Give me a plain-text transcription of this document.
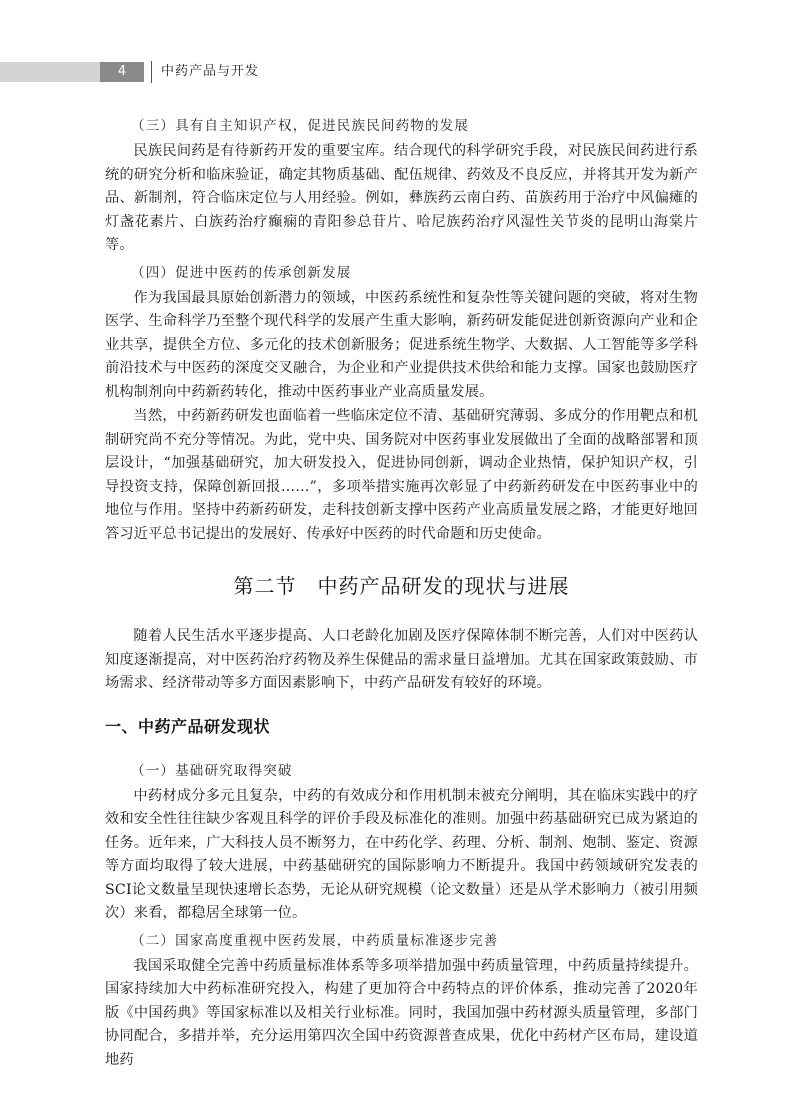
4	中药产品与开发
（三）具有自主知识产权，促进民族民间药物的发展

民族民间药是有待新药开发的重要宝库。结合现代的科学研究手段，对民族民间药进行系统的研究分析和临床验证，确定其物质基础、配伍规律、药效及不良反应，并将其开发为新产品、新制剂，符合临床定位与人用经验。例如，彝族药云南白药、苗族药用于治疗中风偏瘫的灯盏花素片、白族药治疗癫痫的青阳参总苷片、哈尼族药治疗风湿性关节炎的昆明山海棠片等。

（四）促进中医药的传承创新发展

作为我国最具原始创新潜力的领域，中医药系统性和复杂性等关键问题的突破，将对生物医学、生命科学乃至整个现代科学的发展产生重大影响，新药研发能促进创新资源向产业和企业共享，提供全方位、多元化的技术创新服务；促进系统生物学、大数据、人工智能等多学科前沿技术与中医药的深度交叉融合，为企业和产业提供技术供给和能力支撑。国家也鼓励医疗机构制剂向中药新药转化，推动中医药事业产业高质量发展。

当然，中药新药研发也面临着一些临床定位不清、基础研究薄弱、多成分的作用靶点和机制研究尚不充分等情况。为此，党中央、国务院对中医药事业发展做出了全面的战略部署和顶层设计，“加强基础研究，加大研发投入，促进协同创新，调动企业热情，保护知识产权，引导投资支持，保障创新回报……”，多项举措实施再次彰显了中药新药研发在中医药事业中的地位与作用。坚持中药新药研发，走科技创新支撑中医药产业高质量发展之路，才能更好地回答习近平总书记提出的发展好、传承好中医药的时代命题和历史使命。

第二节　中药产品研发的现状与进展

随着人民生活水平逐步提高、人口老龄化加剧及医疗保障体制不断完善，人们对中医药认知度逐渐提高，对中医药治疗药物及养生保健品的需求量日益增加。尤其在国家政策鼓励、市场需求、经济带动等多方面因素影响下，中药产品研发有较好的环境。

一、中药产品研发现状
（一）基础研究取得突破

中药材成分多元且复杂，中药的有效成分和作用机制未被充分阐明，其在临床实践中的疗效和安全性往往缺少客观且科学的评价手段及标准化的准则。加强中药基础研究已成为紧迫的任务。近年来，广大科技人员不断努力，在中药化学、药理、分析、制剂、炮制、鉴定、资源等方面均取得了较大进展，中药基础研究的国际影响力不断提升。我国中药领域研究发表的SCI论文数量呈现快速增长态势，无论从研究规模（论文数量）还是从学术影响力（被引用频次）来看，都稳居全球第一位。

（二）国家高度重视中医药发展，中药质量标准逐步完善

我国采取健全完善中药质量标准体系等多项举措加强中药质量管理，中药质量持续提升。国家持续加大中药标准研究投入，构建了更加符合中药特点的评价体系，推动完善了2020年版《中国药典》等国家标准以及相关行业标准。同时，我国加强中药材源头质量管理，多部门协同配合，多措并举，充分运用第四次全国中药资源普查成果，优化中药材产区布局，建设道地药
